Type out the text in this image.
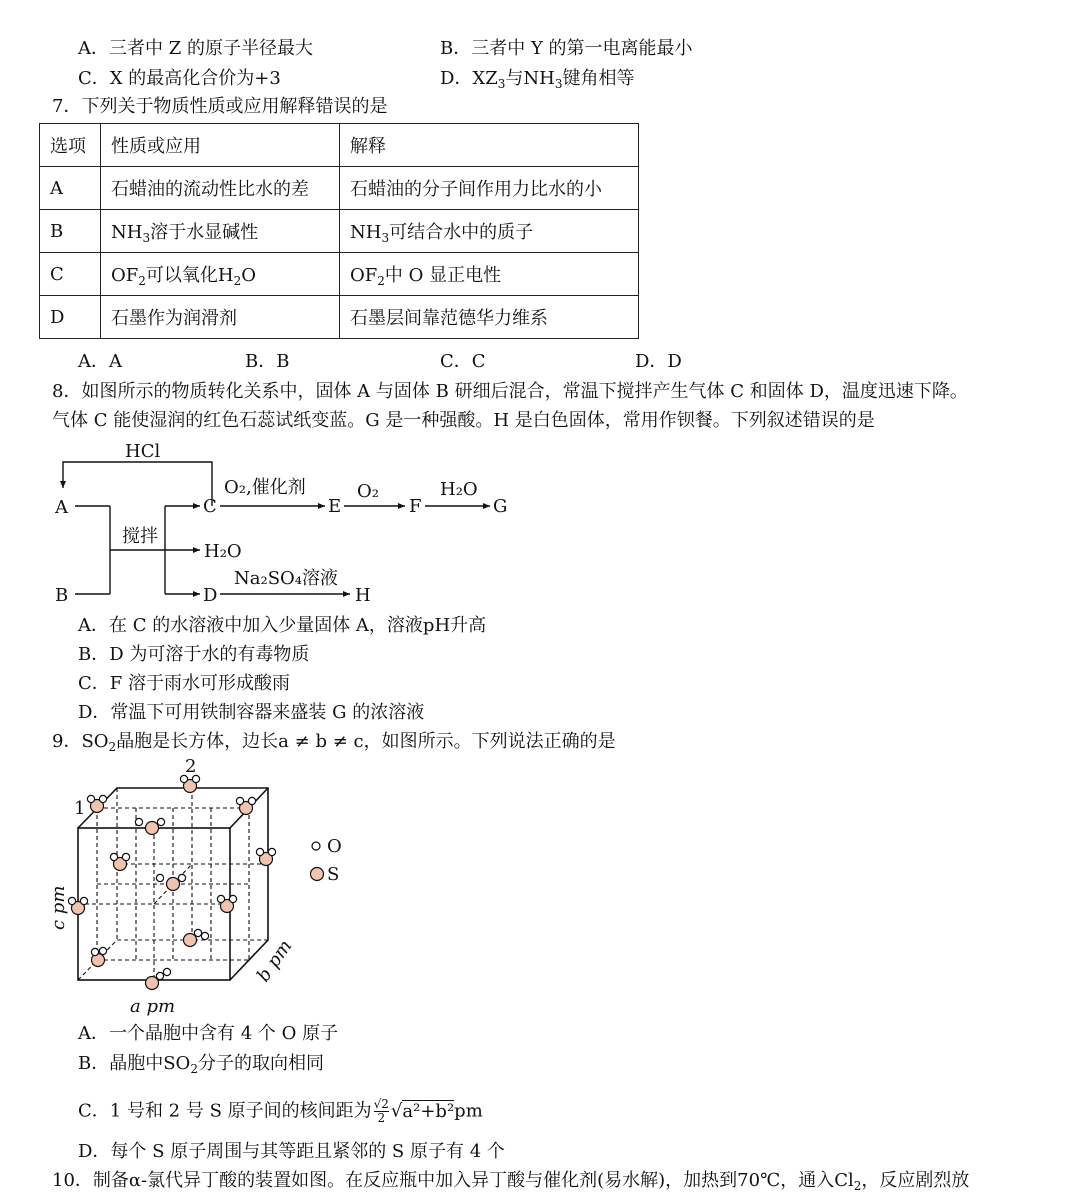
A．三者中 Z 的原子半径最大	B．三者中 Y 的第一电离能最小
C．X 的最高化合价为+3	D．$XZ_3$与$NH_3$键角相等
7．下列关于物质性质或应用解释错误的是
选项	性质或应用	解释
A	石蜡油的流动性比水的差	石蜡油的分子间作用力比水的小
B	$NH_3$溶于水显碱性	$NH_3$可结合水中的质子
C	$OF_2$可以氧化$H_2O$	$OF_2$中 O 显正电性
D	石墨作为润滑剂	石墨层间靠范德华力维系
A．A	B．B	C．C	D．D
8．如图所示的物质转化关系中，固体 A 与固体 B 研细后混合，常温下搅拌产生气体 C 和固体 D，温度迅速下降。
气体 C 能使湿润的红色石蕊试纸变蓝。G 是一种强酸。H 是白色固体，常用作钡餐。下列叙述错误的是
HCl
A
B
搅拌
C
O₂,催化剂
E
O₂
F
H₂O
G
H₂O
D
Na₂SO₄溶液
H
A．在 C 的水溶液中加入少量固体 A，溶液pH升高
B．D 为可溶于水的有毒物质
C．F 溶于雨水可形成酸雨
D．常温下可用铁制容器来盛装 G 的浓溶液
9．$SO_2$晶胞是长方体，边长a ≠ b ≠ c，如图所示。下列说法正确的是
1
2
O
S
a pm
b pm
c pm
A．一个晶胞中含有 4 个 O 原子
B．晶胞中$SO_2$分子的取向相同
C．1 号和 2 号 S 原子间的核间距为 $\frac{√2}{2} √a^2+b^2pm$
D．每个 S 原子周围与其等距且紧邻的 S 原子有 4 个
10．制备α-氯代异丁酸的装置如图。在反应瓶中加入异丁酸与催化剂(易水解)，加热到70℃，通入$Cl_2$，反应剧烈放
